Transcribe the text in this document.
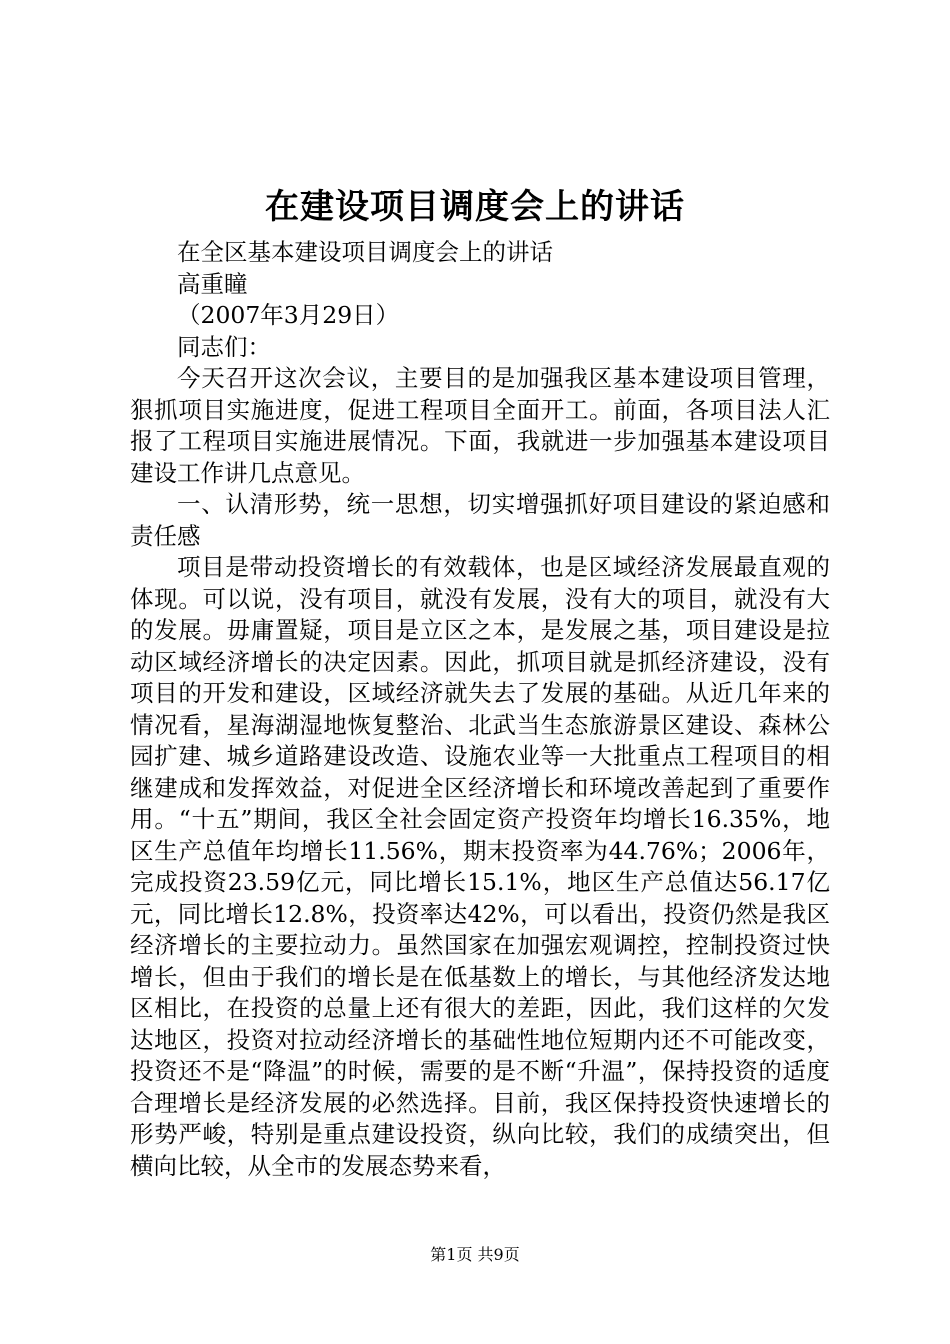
在建设项目调度会上的讲话

在全区基本建设项目调度会上的讲话

高重瞳

（2007年3月29日）

同志们：

今天召开这次会议，主要目的是加强我区基本建设项目管理，狠抓项目实施进度，促进工程项目全面开工。前面，各项目法人汇报了工程项目实施进展情况。下面，我就进一步加强基本建设项目建设工作讲几点意见。

一、认清形势，统一思想，切实增强抓好项目建设的紧迫感和责任感

项目是带动投资增长的有效载体，也是区域经济发展最直观的体现。可以说，没有项目，就没有发展，没有大的项目，就没有大的发展。毋庸置疑，项目是立区之本，是发展之基，项目建设是拉动区域经济增长的决定因素。因此，抓项目就是抓经济建设，没有项目的开发和建设，区域经济就失去了发展的基础。从近几年来的情况看，星海湖湿地恢复整治、北武当生态旅游景区建设、森林公园扩建、城乡道路建设改造、设施农业等一大批重点工程项目的相继建成和发挥效益，对促进全区经济增长和环境改善起到了重要作用。“十五”期间，我区全社会固定资产投资年均增长16.35%，地区生产总值年均增长11.56%，期末投资率为44.76%；2006年，完成投资23.59亿元，同比增长15.1%，地区生产总值达56.17亿元，同比增长12.8%，投资率达42%，可以看出，投资仍然是我区经济增长的主要拉动力。虽然国家在加强宏观调控，控制投资过快增长，但由于我们的增长是在低基数上的增长，与其他经济发达地区相比，在投资的总量上还有很大的差距，因此，我们这样的欠发达地区，投资对拉动经济增长的基础性地位短期内还不可能改变，投资还不是“降温”的时候，需要的是不断“升温”，保持投资的适度合理增长是经济发展的必然选择。目前，我区保持投资快速增长的形势严峻，特别是重点建设投资，纵向比较，我们的成绩突出，但横向比较，从全市的发展态势来看，

第1页 共9页
